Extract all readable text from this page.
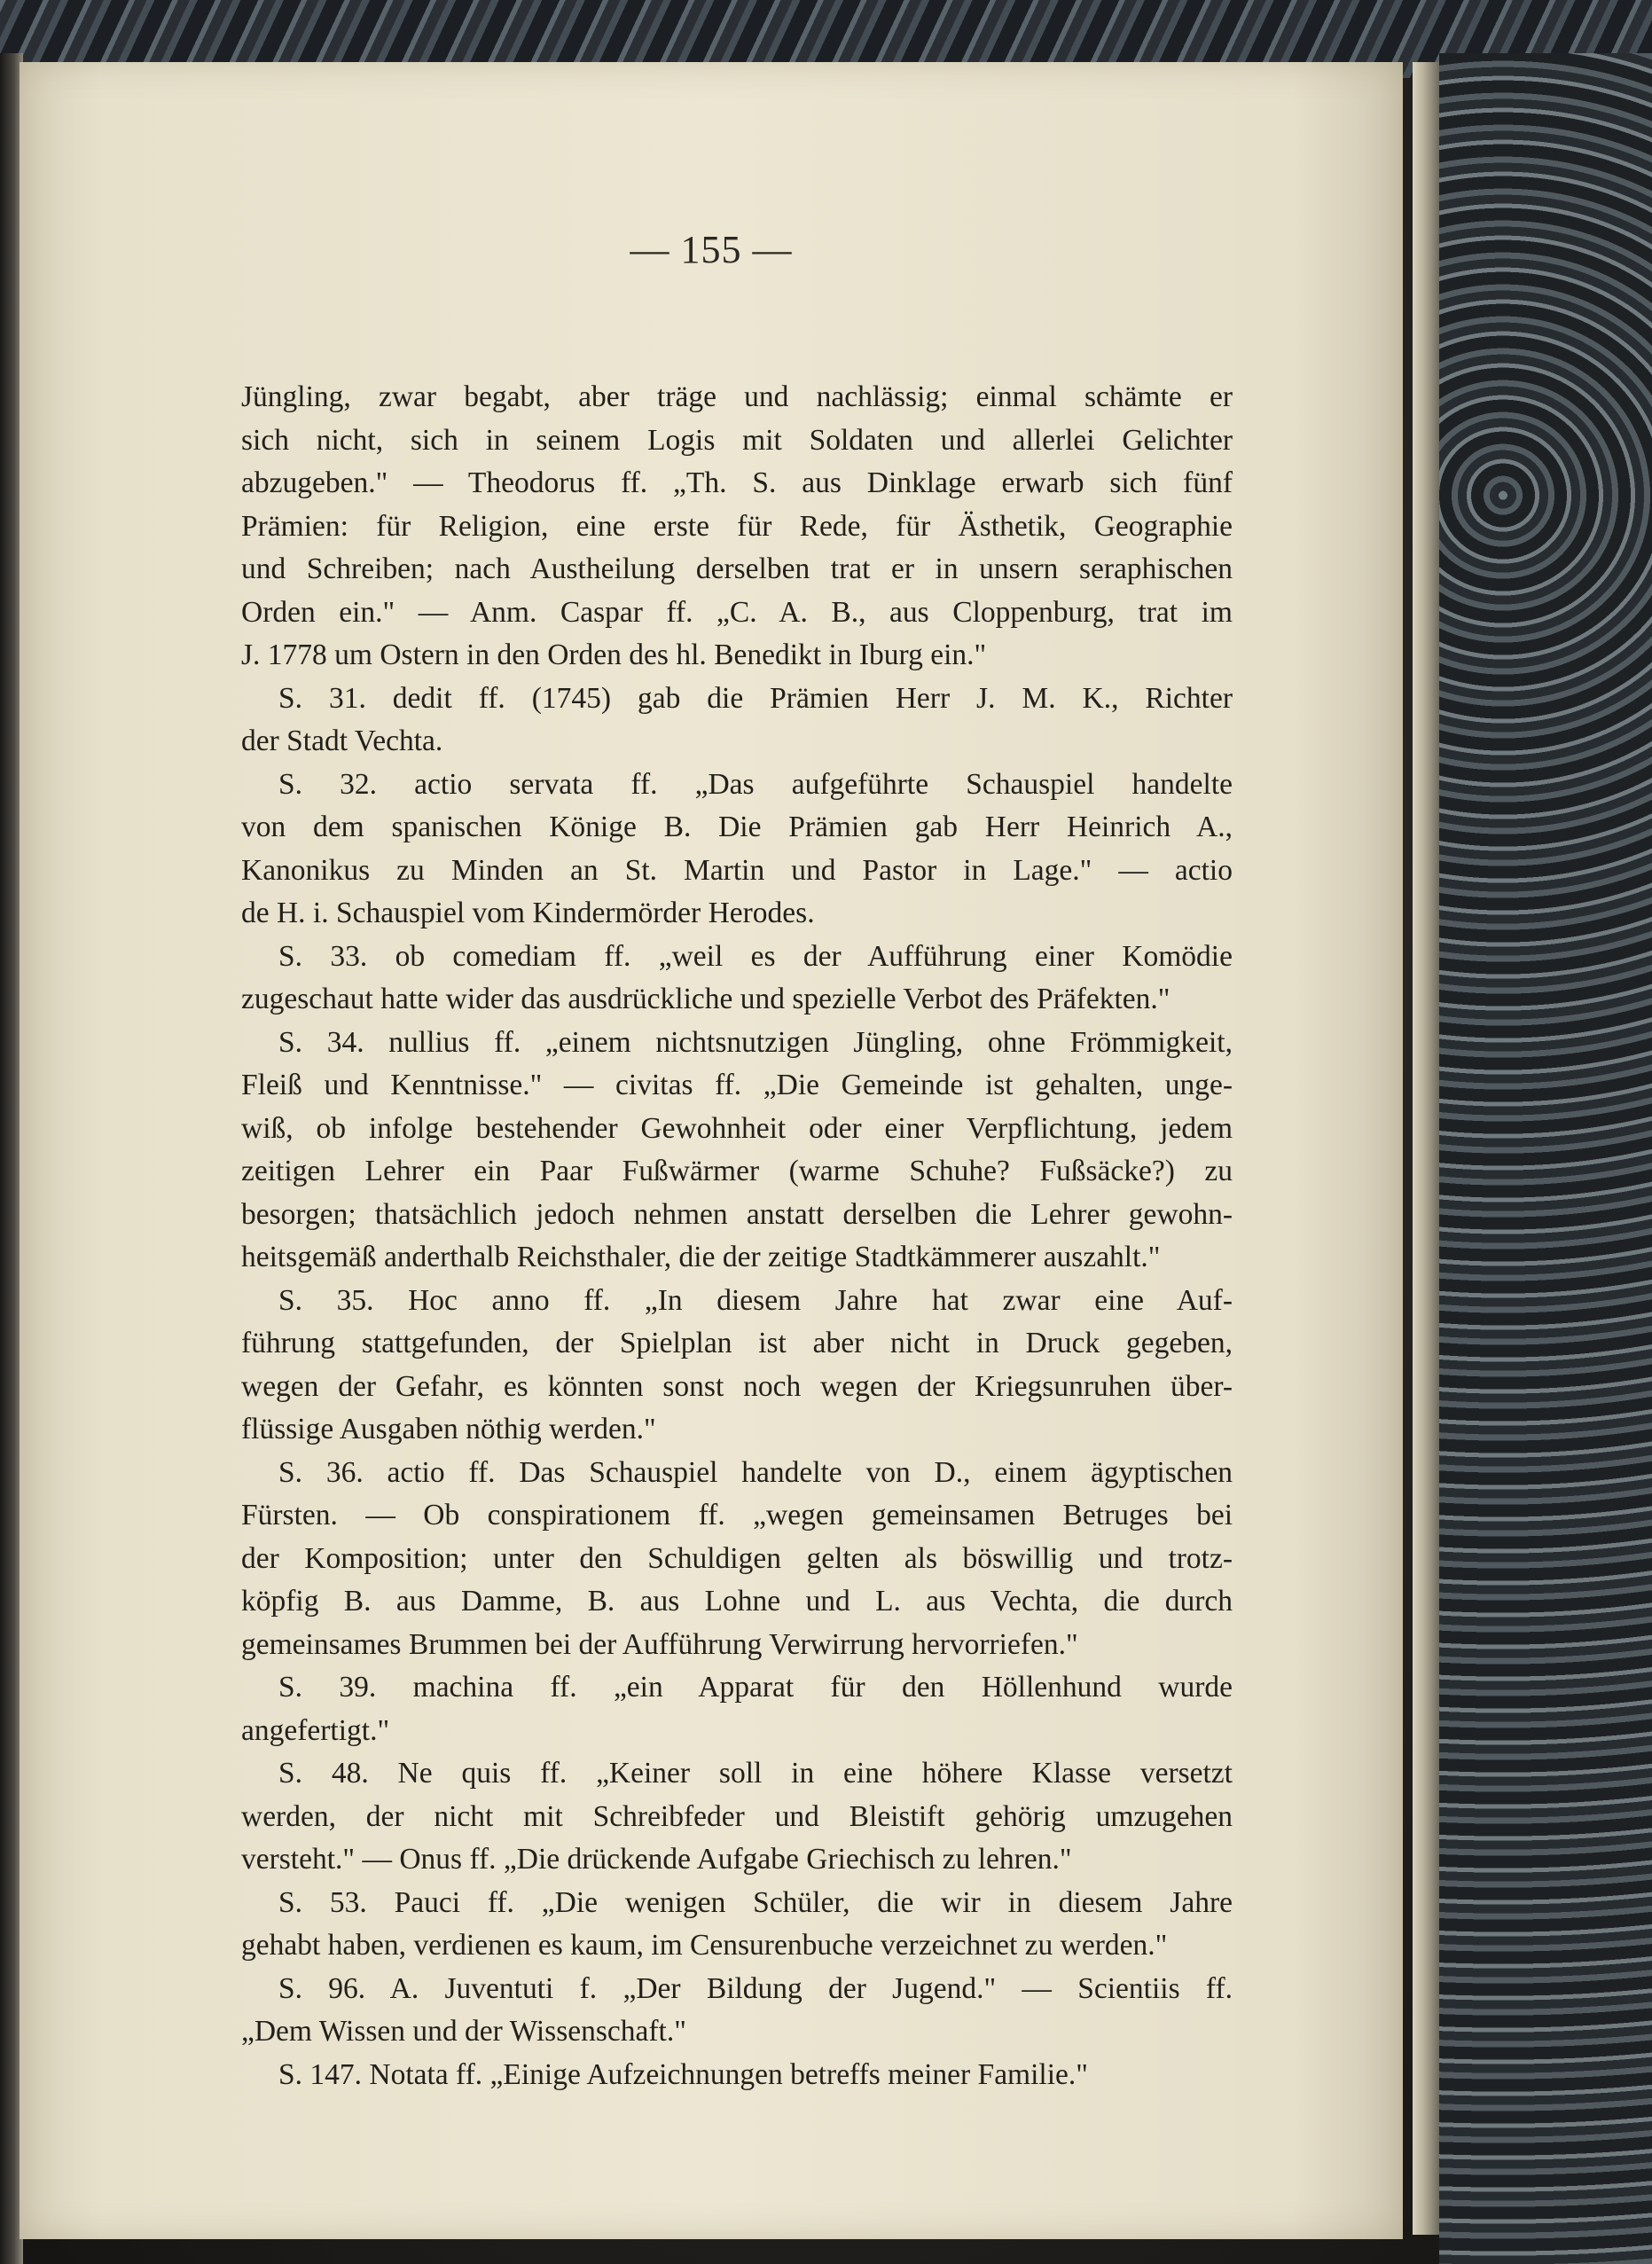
— 155 —
Jüngling, zwar begabt, aber träge und nachlässig; einmal schämte er
sich nicht, sich in seinem Logis mit Soldaten und allerlei Gelichter
abzugeben." — Theodorus ff. „Th. S. aus Dinklage erwarb sich fünf
Prämien: für Religion, eine erste für Rede, für Ästhetik, Geographie
und Schreiben; nach Austheilung derselben trat er in unsern seraphischen
Orden ein." — Anm. Caspar ff. „C. A. B., aus Cloppenburg, trat im
J. 1778 um Ostern in den Orden des hl. Benedikt in Iburg ein."
S. 31. dedit ff. (1745) gab die Prämien Herr J. M. K., Richter
der Stadt Vechta.
S. 32. actio servata ff. „Das aufgeführte Schauspiel handelte
von dem spanischen Könige B. Die Prämien gab Herr Heinrich A.,
Kanonikus zu Minden an St. Martin und Pastor in Lage." — actio
de H. i. Schauspiel vom Kindermörder Herodes.
S. 33. ob comediam ff. „weil es der Aufführung einer Komödie
zugeschaut hatte wider das ausdrückliche und spezielle Verbot des Präfekten."
S. 34. nullius ff. „einem nichtsnutzigen Jüngling, ohne Frömmigkeit,
Fleiß und Kenntnisse." — civitas ff. „Die Gemeinde ist gehalten, unge-
wiß, ob infolge bestehender Gewohnheit oder einer Verpflichtung, jedem
zeitigen Lehrer ein Paar Fußwärmer (warme Schuhe? Fußsäcke?) zu
besorgen; thatsächlich jedoch nehmen anstatt derselben die Lehrer gewohn-
heitsgemäß anderthalb Reichsthaler, die der zeitige Stadtkämmerer auszahlt."
S. 35. Hoc anno ff. „In diesem Jahre hat zwar eine Auf-
führung stattgefunden, der Spielplan ist aber nicht in Druck gegeben,
wegen der Gefahr, es könnten sonst noch wegen der Kriegsunruhen über-
flüssige Ausgaben nöthig werden."
S. 36. actio ff. Das Schauspiel handelte von D., einem ägyptischen
Fürsten. — Ob conspirationem ff. „wegen gemeinsamen Betruges bei
der Komposition; unter den Schuldigen gelten als böswillig und trotz-
köpfig B. aus Damme, B. aus Lohne und L. aus Vechta, die durch
gemeinsames Brummen bei der Aufführung Verwirrung hervorriefen."
S. 39. machina ff. „ein Apparat für den Höllenhund wurde
angefertigt."
S. 48. Ne quis ff. „Keiner soll in eine höhere Klasse versetzt
werden, der nicht mit Schreibfeder und Bleistift gehörig umzugehen
versteht." — Onus ff. „Die drückende Aufgabe Griechisch zu lehren."
S. 53. Pauci ff. „Die wenigen Schüler, die wir in diesem Jahre
gehabt haben, verdienen es kaum, im Censurenbuche verzeichnet zu werden."
S. 96. A. Juventuti f. „Der Bildung der Jugend." — Scientiis ff.
„Dem Wissen und der Wissenschaft."
S. 147. Notata ff. „Einige Aufzeichnungen betreffs meiner Familie."
